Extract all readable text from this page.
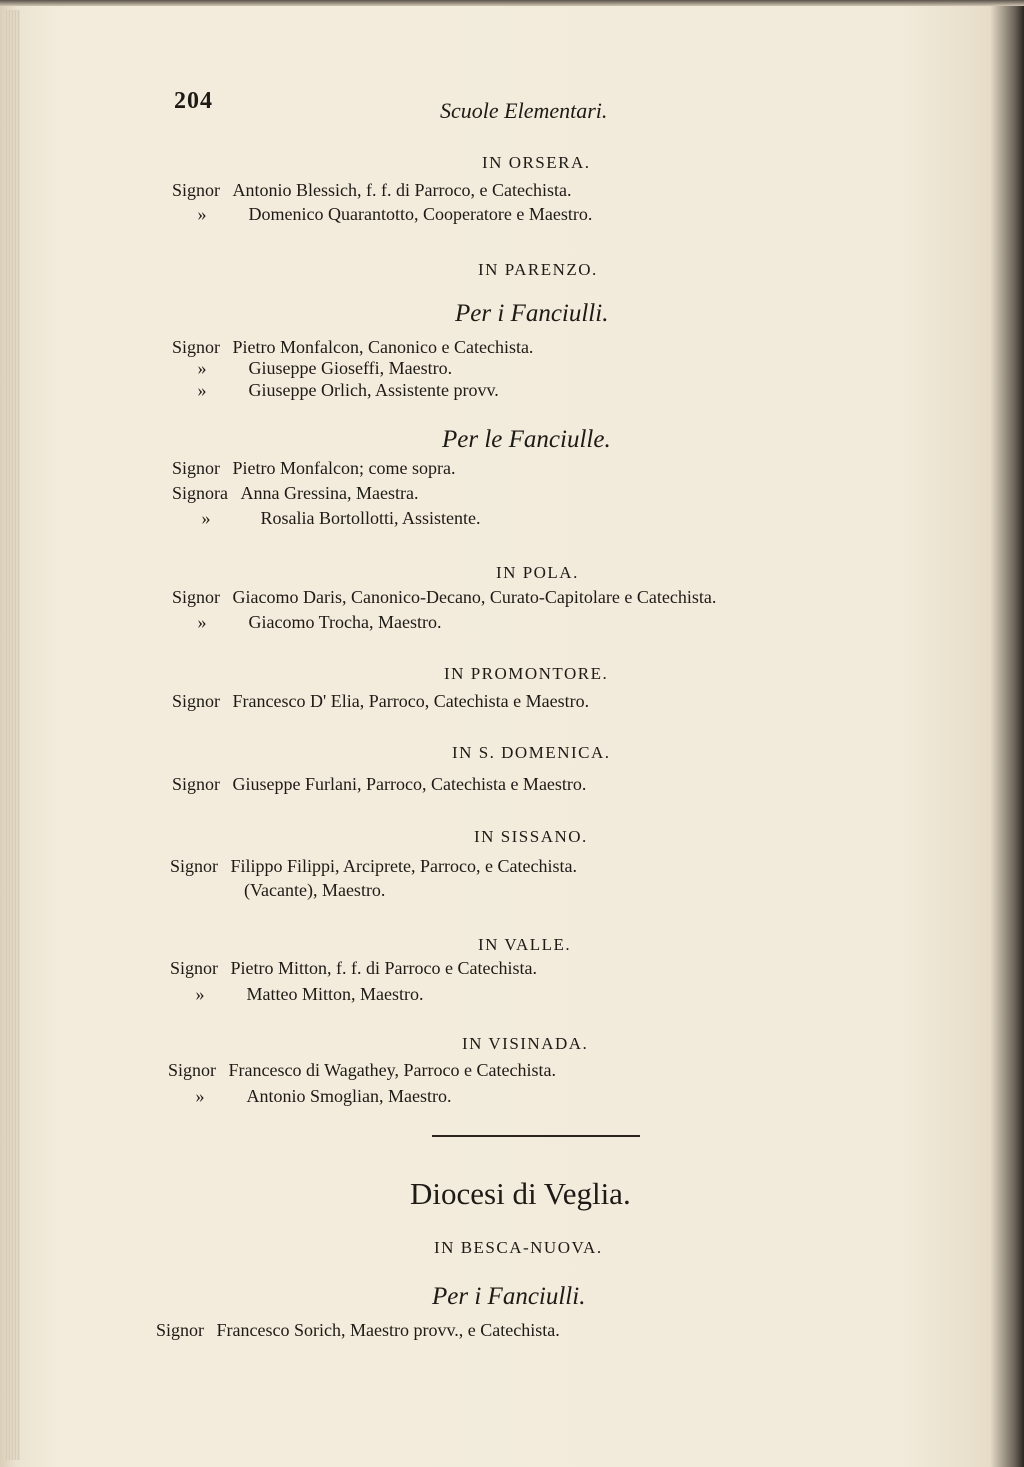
204	Scuole Elementari.
IN ORSERA.
Signor Antonio Blessich, f. f. di Parroco, e Catechista.
» Domenico Quarantotto, Cooperatore e Maestro.
IN PARENZO.
Per i Fanciulli.
Signor Pietro Monfalcon, Canonico e Catechista.
» Giuseppe Gioseffi, Maestro.
» Giuseppe Orlich, Assistente provv.
Per le Fanciulle.
Signor Pietro Monfalcon; come sopra.
Signora Anna Gressina, Maestra.
»	Rosalia Bortollotti, Assistente.
IN POLA.
Signor Giacomo Daris, Canonico-Decano, Curato-Capitolare e Catechista.
» Giacomo Trocha, Maestro.
IN PROMONTORE.
Signor Francesco D' Elia, Parroco, Catechista e Maestro.
IN S. DOMENICA.
Signor Giuseppe Furlani, Parroco, Catechista e Maestro.
IN SISSANO.
Signor Filippo Filippi, Arciprete, Parroco, e Catechista.
(Vacante), Maestro.
IN VALLE.
Signor Pietro Mitton, f. f. di Parroco e Catechista.
» Matteo Mitton, Maestro.
IN VISINADA.
Signor Francesco di Wagathey, Parroco e Catechista.
» Antonio Smoglian, Maestro.
Diocesi di Veglia.
IN BESCA-NUOVA.
Per i Fanciulli.
Signor Francesco Sorich, Maestro provv., e Catechista.
